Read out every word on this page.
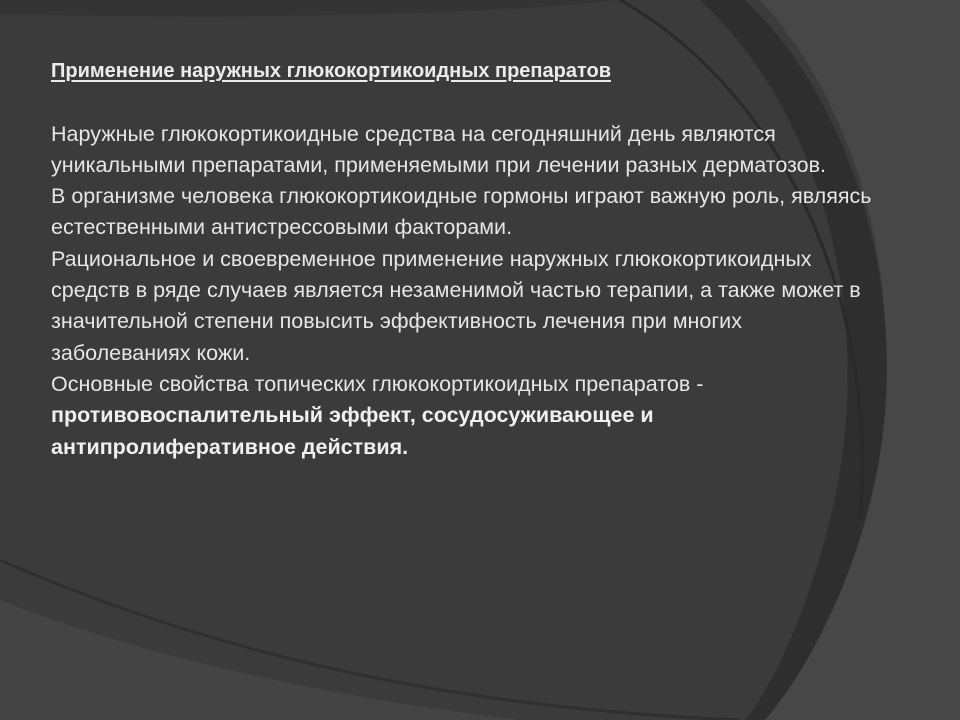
Применение наружных глюкокортикоидных препаратов

Наружные глюкокортикоидные средства на сегодняшний день являются уникальными препаратами, применяемыми при лечении разных дерматозов.

В организме человека глюкокортикоидные гормоны играют важную роль, являясь естественными антистрессовыми факторами.

Рациональное и своевременное применение наружных глюкокортикоидных средств в ряде случаев является незаменимой частью терапии, а также может в значительной степени повысить эффективность лечения при многих заболеваниях кожи.

Основные свойства топических глюкокортикоидных препаратов - противовоспалительный эффект, сосудосуживающее и антипролиферативное действия.
